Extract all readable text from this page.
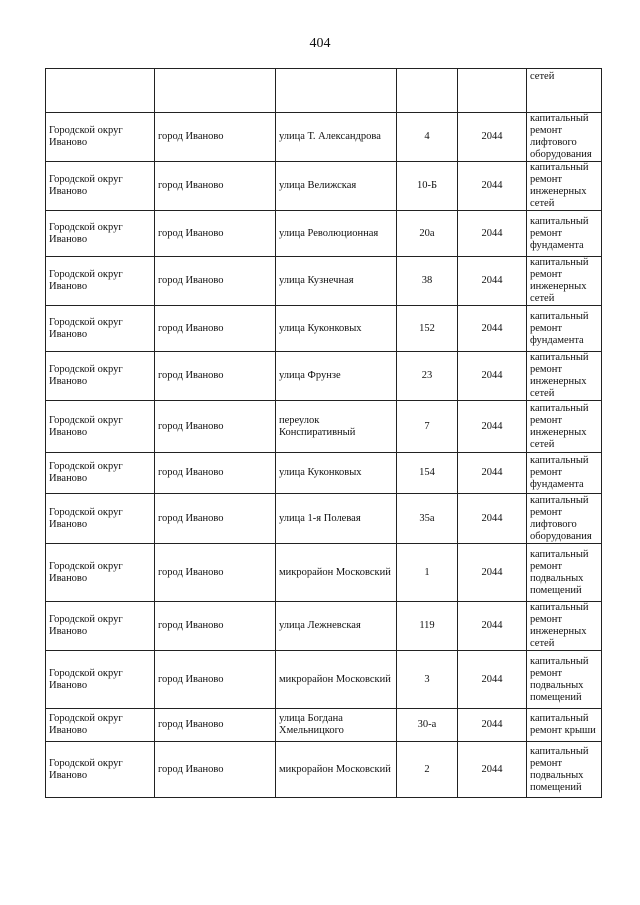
404
					сетей
Городской округ Иваново	город Иваново	улица Т. Александрова	4	2044	капитальный ремонт лифтового оборудования
Городской округ Иваново	город Иваново	улица Велижская	10-Б	2044	капитальный ремонт инженерных сетей
Городской округ Иваново	город Иваново	улица Революционная	20а	2044	капитальный ремонт фундамента
Городской округ Иваново	город Иваново	улица Кузнечная	38	2044	капитальный ремонт инженерных сетей
Городской округ Иваново	город Иваново	улица Куконковых	152	2044	капитальный ремонт фундамента
Городской округ Иваново	город Иваново	улица Фрунзе	23	2044	капитальный ремонт инженерных сетей
Городской округ Иваново	город Иваново	переулок Конспиративный	7	2044	капитальный ремонт инженерных сетей
Городской округ Иваново	город Иваново	улица Куконковых	154	2044	капитальный ремонт фундамента
Городской округ Иваново	город Иваново	улица 1-я Полевая	35а	2044	капитальный ремонт лифтового оборудования
Городской округ Иваново	город Иваново	микрорайон Московский	1	2044	капитальный ремонт подвальных помещений
Городской округ Иваново	город Иваново	улица Лежневская	119	2044	капитальный ремонт инженерных сетей
Городской округ Иваново	город Иваново	микрорайон Московский	3	2044	капитальный ремонт подвальных помещений
Городской округ Иваново	город Иваново	улица Богдана Хмельницкого	30-а	2044	капитальный ремонт крыши
Городской округ Иваново	город Иваново	микрорайон Московский	2	2044	капитальный ремонт подвальных помещений
